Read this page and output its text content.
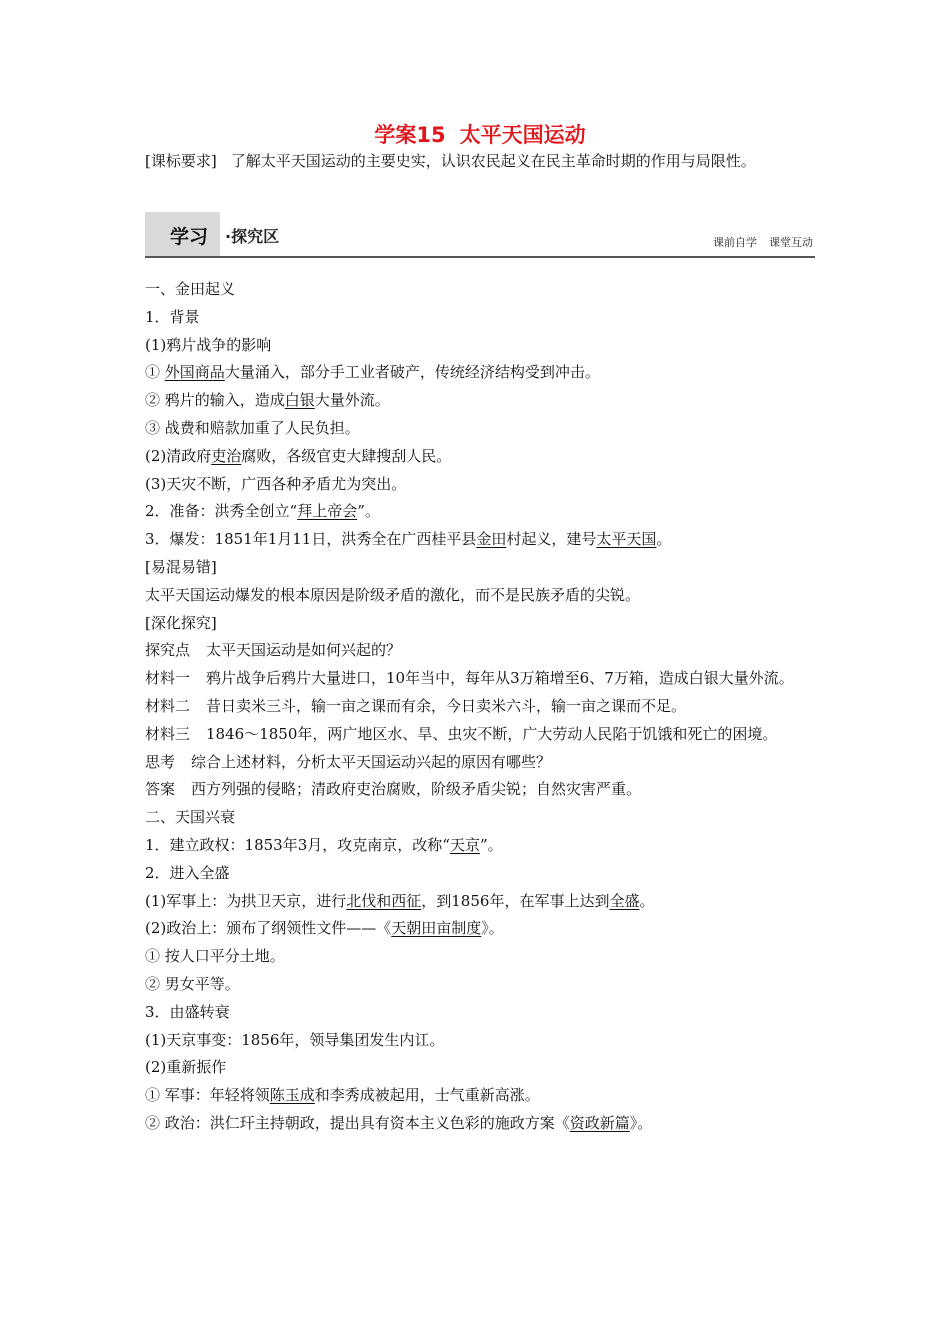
学案15 太平天国运动
[课标要求] 了解太平天国运动的主要史实，认识农民起义在民主革命时期的作用与局限性。
学习 ·探究区	课前自学 课堂互动

一、金田起义

1．背景

(1)鸦片战争的影响

① 外国商品大量涌入，部分手工业者破产，传统经济结构受到冲击。

② 鸦片的输入，造成白银大量外流。

③ 战费和赔款加重了人民负担。

(2)清政府吏治腐败，各级官吏大肆搜刮人民。

(3)天灾不断，广西各种矛盾尤为突出。

2．准备：洪秀全创立“拜上帝会”。

3．爆发：1851年1月11日，洪秀全在广西桂平县金田村起义，建号太平天国。

[易混易错]

太平天国运动爆发的根本原因是阶级矛盾的激化，而不是民族矛盾的尖锐。

[深化探究]

探究点 太平天国运动是如何兴起的？

材料一 鸦片战争后鸦片大量进口，10年当中，每年从3万箱增至6、7万箱，造成白银大量外流。

材料二 昔日卖米三斗，输一亩之课而有余，今日卖米六斗，输一亩之课而不足。

材料三 1846～1850年，两广地区水、旱、虫灾不断，广大劳动人民陷于饥饿和死亡的困境。

思考 综合上述材料，分析太平天国运动兴起的原因有哪些？

答案 西方列强的侵略；清政府吏治腐败，阶级矛盾尖锐；自然灾害严重。

二、天国兴衰

1．建立政权：1853年3月，攻克南京，改称“天京”。

2．进入全盛

(1)军事上：为拱卫天京，进行北伐和西征，到1856年，在军事上达到全盛。

(2)政治上：颁布了纲领性文件——《天朝田亩制度》。

① 按人口平分土地。

② 男女平等。

3．由盛转衰

(1)天京事变：1856年，领导集团发生内讧。

(2)重新振作

① 军事：年轻将领陈玉成和李秀成被起用，士气重新高涨。

② 政治：洪仁玕主持朝政，提出具有资本主义色彩的施政方案《资政新篇》。
